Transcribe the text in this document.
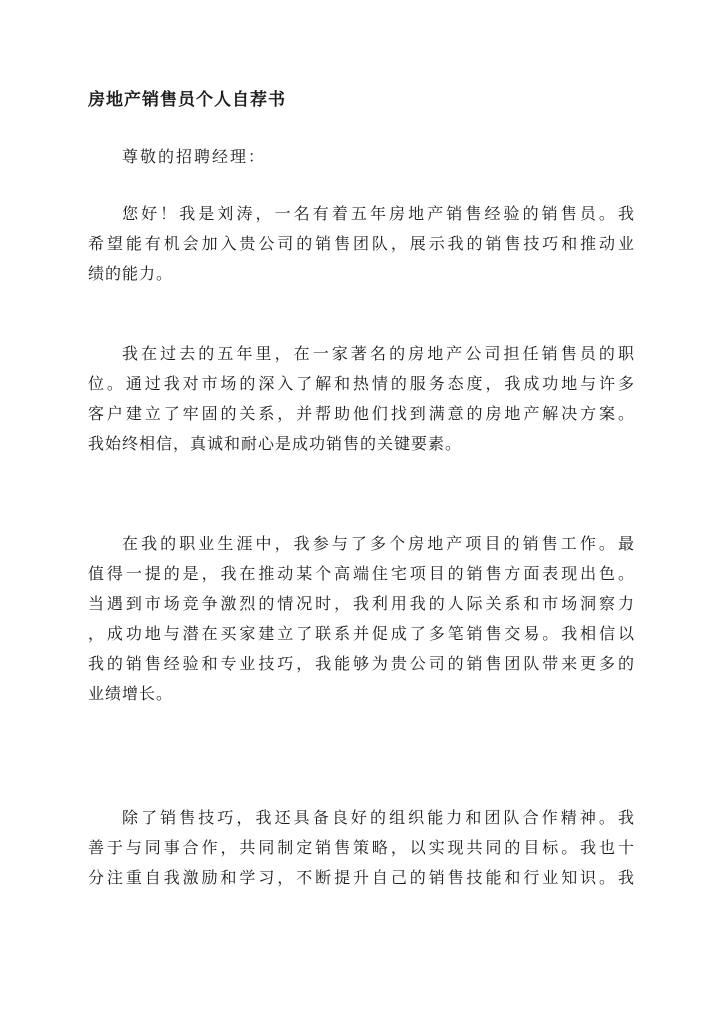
房地产销售员个人自荐书

尊敬的招聘经理：

您好！我是刘涛，一名有着五年房地产销售经验的销售员。我
希望能有机会加入贵公司的销售团队，展示我的销售技巧和推动业
绩的能力。

我在过去的五年里，在一家著名的房地产公司担任销售员的职
位。通过我对市场的深入了解和热情的服务态度，我成功地与许多
客户建立了牢固的关系，并帮助他们找到满意的房地产解决方案。
我始终相信，真诚和耐心是成功销售的关键要素。

在我的职业生涯中，我参与了多个房地产项目的销售工作。最
值得一提的是，我在推动某个高端住宅项目的销售方面表现出色。
当遇到市场竞争激烈的情况时，我利用我的人际关系和市场洞察力
，成功地与潜在买家建立了联系并促成了多笔销售交易。我相信以
我的销售经验和专业技巧，我能够为贵公司的销售团队带来更多的
业绩增长。

除了销售技巧，我还具备良好的组织能力和团队合作精神。我
善于与同事合作，共同制定销售策略，以实现共同的目标。我也十
分注重自我激励和学习，不断提升自己的销售技能和行业知识。我
